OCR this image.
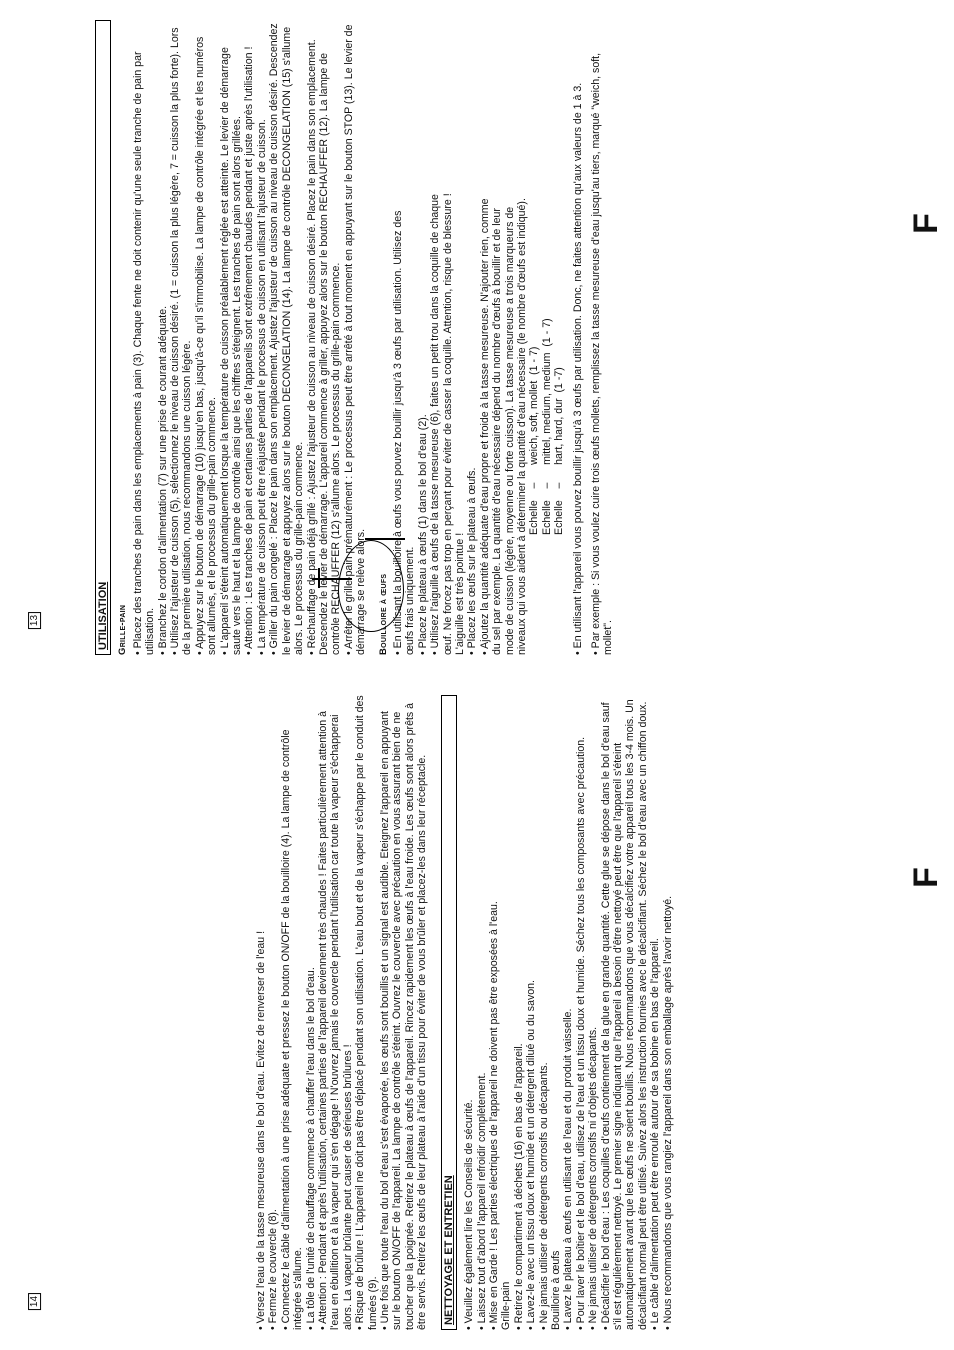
F
13	UTILISATION Grille-pain • Placez des tranches de pain dans les emplacements à pain (3). Chaque fente ne doit contenir qu'une seule tranche de pain par utilisation. • Branchez le cordon d'alimentation (7) sur une prise de courant adéquate. • Utilisez l'ajusteur de cuisson (5), sélectionnez le niveau de cuisson désiré. (1 = cuisson la plus légère, 7 = cuisson la plus forte). Lors de la première utilisation, nous recommandons une cuisson légère. • Appuyez sur le bouton de démarrage (10) jusqu'en bas, jusqu'à-ce qu'il s'immobilise. La lampe de contrôle intégrée et les numéros sont allumés, et le processus du grille-pain commence. • L'appareil s'éteint automatiquement lorsque la température de cuisson préalablement réglée est atteinte. Le levier de démarrage saute vers le haut et la lampe de contrôle ainsi que les chiffres s'éteignent. Les tranches de pain sont alors grillées. • Attention : Les tranches de pain et certaines parties de l'appareils sont extrêmement chaudes pendant et juste après l'utilisation ! • La température de cuisson peut être réajustée pendant le processus de cuisson en utilisant l'ajusteur de cuisson. • Griller du pain congelé : Placez le pain dans son emplacement. Ajustez l'ajusteur de cuisson au niveau de cuisson désiré. Descendez le levier de démarrage et appuyez alors sur le bouton DECONGELATION (14). La lampe de contrôle DECONGELATION (15) s'allume alors. Le processus du grille-pain commence. • Réchauffage de pain déjà grillé : Ajustez l'ajusteur de cuisson au niveau de cuisson désiré. Placez le pain dans son emplacement. Descendez le levier de démarrage. L'appareil commence à griller, appuyez alors sur le bouton RECHAUFFER (12). La lampe de contrôle RECHAUFFER (12) s'allume alors. Le processus du grille-pain commence. • Arrêter le grille-pain prématurément : Le processus peut être arrêté à tout moment en appuyant sur le bouton STOP (13). Le levier de démarrage se relève alors. Bouilloire à œufs • En utilisant la bouilloire à œufs vous pouvez bouillir jusqu'à 3 œufs par utilisation. Utilisez des œufs frais uniquement. • Placez le plateau à œufs (1) dans le bol d'eau (2). • Utilisez l'aiguille à œufs de la tasse mesureuse (6), faites un petit trou dans la coquille de chaque œuf. Ne forcez pas trop en perçant pour éviter de casser la coquille. Attention, risque de blessure ! L'aiguille est très pointue ! • Placez les œufs sur le plateau à œufs. • Ajoutez la quantité adéquate d'eau propre et froide à la tasse mesureuse. N'ajouter rien, comme du sel par exemple. La quantité d'eau nécessaire dépend du nombre d'œufs à bouillir et de leur mode de cuisson (légère, moyenne ou forte cuisson). La tasse mesureuse a trois marqueurs de niveaux qui vous aident à déterminer la quantité d'eau nécessaire (le nombre d'œufs est indiqué). Echelle    –      weich, soft, mollet  (1 - 7) Echelle    –      mittel, medium, medium  (1 - 7) Echelle    –      hart, hard, dur  (1 -7) • En utilisant l'appareil vous pouvez bouillir jusqu'à 3 œufs par utilisation. Donc, ne faites attention qu'aux valeurs de 1 à 3. • Par exemple : Si vous voulez cuire trois œufs mollets, remplissez la tasse mesureuse d'eau jusqu'au tiers, marqué "weich, soft, mollet".

F
14	• Versez l'eau de la tasse mesureuse dans le bol d'eau. Evitez de renverser de l'eau ! • Fermez le couvercle (8). • Connectez le câble d'alimentation à une prise adéquate et pressez le bouton ON/OFF de la bouilloire (4). La lampe de contrôle intégrée s'allume. • La tôle de l'unité de chauffage commence à chauffer l'eau dans le bol d'eau. • Attention : Pendant et après l'utilisation, certaines parties de l'appareil deviennent très chaudes ! Faites particulièrement attention à l'eau en ébullition et à la vapeur qui s'en dégage ! N'ouvrez jamais le couvercle pendant l'utilisation car toute la vapeur s'échapperai alors. La vapeur brûlante peut causer de sérieuses brûlures ! • Risque de brûlure ! L'appareil ne doit pas être déplacé pendant son utilisation. L'eau bout et de la vapeur s'échappe par le conduit des fumées (9). • Une fois que toute l'eau du bol d'eau s'est évaporée, les œufs sont bouillis et un signal est audible. Eteignez l'appareil en appuyant sur le bouton ON/OFF de l'appareil. La lampe de contrôle s'éteint. Ouvrez le couvercle avec précaution en vous assurant bien de ne toucher que la poignée. Retirez le plateau à œufs de l'appareil. Rincez rapidement les œufs à l'eau froide. Les œufs sont alors prêts à être servis. Retirez les œufs de leur plateau à l'aide d'un tissu pour éviter de vous brûler et placez-les dans leur réceptacle. NETTOYAGE ET ENTRETIEN • Veuillez également lire les Conseils de sécurité. • Laissez tout d'abord l'appareil refroidir complètement. • Mise en Garde ! Les parties électriques de l'appareil ne doivent pas être exposées à l'eau. Grille-pain • Retirez le compartiment à déchets (16) en bas de l'appareil. • Lavez-le avec un tissu doux et humide et un détergent dilué ou du savon. • Ne jamais utiliser de détergents corrosifs ou décapants. Bouilloire à œufs • Lavez le plateau à œufs en utilisant de l'eau et du produit vaisselle. • Pour laver le boîtier et le bol d'eau, utilisez de l'eau et un tissu doux et humide. Séchez tous les composants avec précaution. • Ne jamais utiliser de détergents corrosifs ni d'objets décapants. • Décalcifier le bol d'eau : Les coquilles d'œufs contiennent de la glue en grande quantité. Cette glue se dépose dans le bol d'eau sauf s'il est régulièrement nettoyé. Le premier signe indiquant que l'appareil a besoin d'être nettoyé peut être que l'appareil s'éteint automatiquement avant que les œufs ne soient bouillis. Nous recommandons que vous décalcifiez votre appareil tous les 3-4 mois. Un décalcifiant normal peut être utilisé. Suivez alors les instruction fournies avec le décalcifiant. Séchez le bol d'eau avec un chiffon doux. • Le câble d'alimentation peut être enroulé autour de sa bobine en bas de l'appareil. • Nous recommandons que vous rangiez l'appareil dans son emballage après l'avoir nettoyé.
